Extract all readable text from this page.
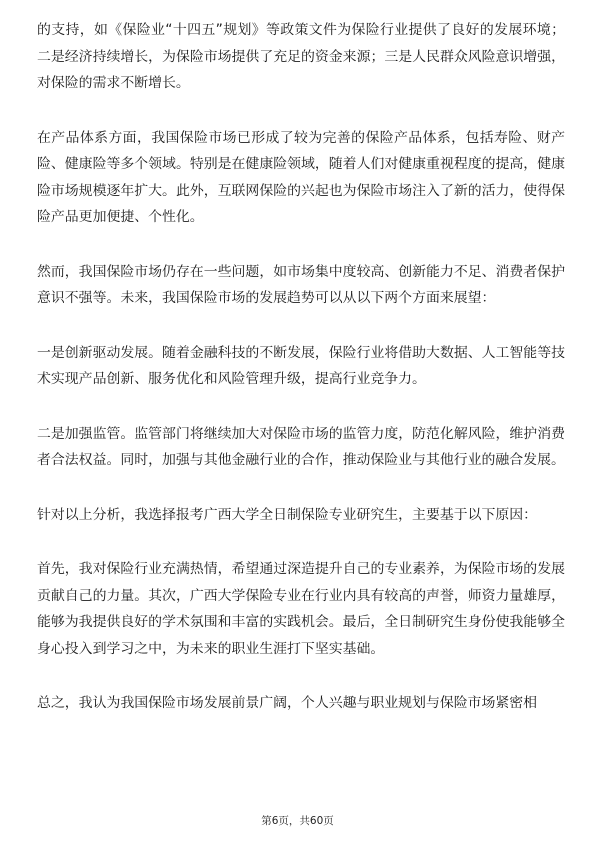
的支持，如《保险业“十四五”规划》等政策文件为保险行业提供了良好的发展环境；二是经济持续增长，为保险市场提供了充足的资金来源；三是人民群众风险意识增强，对保险的需求不断增长。

在产品体系方面，我国保险市场已形成了较为完善的保险产品体系，包括寿险、财产险、健康险等多个领域。特别是在健康险领域，随着人们对健康重视程度的提高，健康险市场规模逐年扩大。此外，互联网保险的兴起也为保险市场注入了新的活力，使得保险产品更加便捷、个性化。

然而，我国保险市场仍存在一些问题，如市场集中度较高、创新能力不足、消费者保护意识不强等。未来，我国保险市场的发展趋势可以从以下两个方面来展望：

一是创新驱动发展。随着金融科技的不断发展，保险行业将借助大数据、人工智能等技术实现产品创新、服务优化和风险管理升级，提高行业竞争力。

二是加强监管。监管部门将继续加大对保险市场的监管力度，防范化解风险，维护消费者合法权益。同时，加强与其他金融行业的合作，推动保险业与其他行业的融合发展。

针对以上分析，我选择报考广西大学全日制保险专业研究生，主要基于以下原因：

首先，我对保险行业充满热情，希望通过深造提升自己的专业素养，为保险市场的发展贡献自己的力量。其次，广西大学保险专业在行业内具有较高的声誉，师资力量雄厚，能够为我提供良好的学术氛围和丰富的实践机会。最后，全日制研究生身份使我能够全身心投入到学习之中，为未来的职业生涯打下坚实基础。

总之，我认为我国保险市场发展前景广阔，个人兴趣与职业规划与保险市场紧密相

第6页，共60页
